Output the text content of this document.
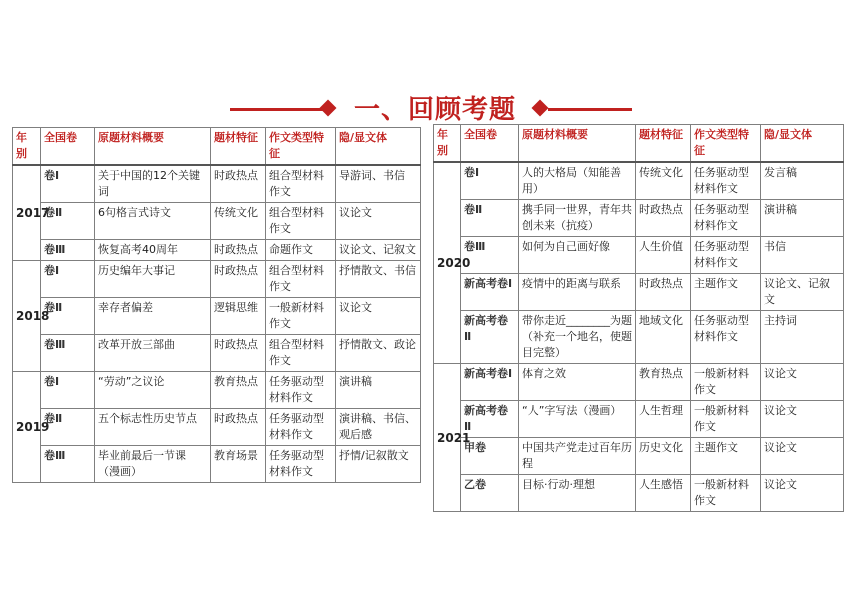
一、回顾考题
年别	全国卷	原题材料概要	题材特征	作文类型特征	隐/显文体
2017	卷Ⅰ	关于中国的12个关键词	时政热点	组合型材料作文	导游词、书信
	卷Ⅱ	6句格言式诗文	传统文化	组合型材料作文	议论文
	卷Ⅲ	恢复高考40周年	时政热点	命题作文	议论文、记叙文
2018	卷Ⅰ	历史编年大事记	时政热点	组合型材料作文	抒情散文、书信
	卷Ⅱ	幸存者偏差	逻辑思维	一般新材料作文	议论文
	卷Ⅲ	改革开放三部曲	时政热点	组合型材料作文	抒情散文、政论
2019	卷Ⅰ	“劳动”之议论	教育热点	任务驱动型材料作文	演讲稿
	卷Ⅱ	五个标志性历史节点	时政热点	任务驱动型材料作文	演讲稿、书信、观后感
	卷Ⅲ	毕业前最后一节课（漫画）	教育场景	任务驱动型材料作文	抒情/记叙散文
年别	全国卷	原题材料概要	题材特征	作文类型特征	隐/显文体
2020	卷Ⅰ	人的大格局（知能善用）	传统文化	任务驱动型材料作文	发言稿
	卷Ⅱ	携手同一世界，青年共创未来（抗疫）	时政热点	任务驱动型材料作文	演讲稿
	卷Ⅲ	如何为自己画好像	人生价值	任务驱动型材料作文	书信
	新高考卷Ⅰ	疫情中的距离与联系	时政热点	主题作文	议论文、记叙文
	新高考卷Ⅱ	带你走近________为题（补充一个地名，使题目完整）	地域文化	任务驱动型材料作文	主持词
2021	新高考卷Ⅰ	体育之效	教育热点	一般新材料作文	议论文
	新高考卷Ⅱ	“人”字写法（漫画）	人生哲理	一般新材料作文	议论文
	甲卷	中国共产党走过百年历程	历史文化	主题作文	议论文
	乙卷	目标·行动·理想	人生感悟	一般新材料作文	议论文
